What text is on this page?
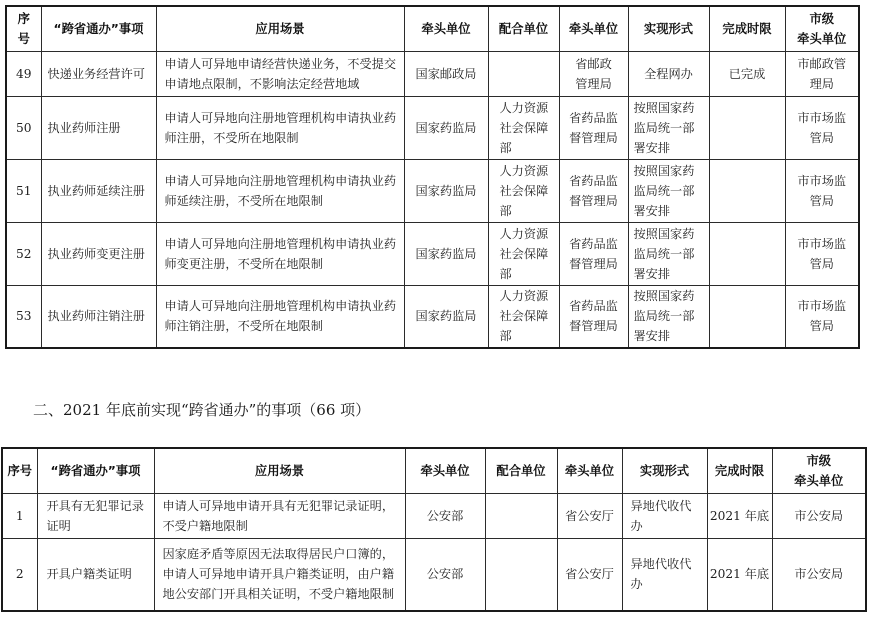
序
号	“跨省通办”事项	应用场景	牵头单位	配合单位	牵头单位	实现形式	完成时限	市级
牵头单位
49	快递业务经营许可	申请人可异地申请经营快递业务，不受提交
申请地点限制，不影响法定经营地域	国家邮政局		省邮政
管理局	全程网办	已完成	市邮政管
理局
50	执业药师注册	申请人可异地向注册地管理机构申请执业药
师注册，不受所在地限制	国家药监局	人力资源
社会保障
部	省药品监
督管理局	按照国家药
监局统一部
署安排		市市场监
管局
51	执业药师延续注册	申请人可异地向注册地管理机构申请执业药
师延续注册，不受所在地限制	国家药监局	人力资源
社会保障
部	省药品监
督管理局	按照国家药
监局统一部
署安排		市市场监
管局
52	执业药师变更注册	申请人可异地向注册地管理机构申请执业药
师变更注册，不受所在地限制	国家药监局	人力资源
社会保障
部	省药品监
督管理局	按照国家药
监局统一部
署安排		市市场监
管局
53	执业药师注销注册	申请人可异地向注册地管理机构申请执业药
师注销注册，不受所在地限制	国家药监局	人力资源
社会保障
部	省药品监
督管理局	按照国家药
监局统一部
署安排		市市场监
管局
二、2021 年底前实现“跨省通办”的事项（66 项）
序号	“跨省通办”事项	应用场景	牵头单位	配合单位	牵头单位	实现形式	完成时限	市级
牵头单位
1	开具有无犯罪记录
证明	申请人可异地申请开具有无犯罪记录证明，
不受户籍地限制	公安部		省公安厅	异地代收代
办	2021 年底	市公安局
2	开具户籍类证明	因家庭矛盾等原因无法取得居民户口簿的，
申请人可异地申请开具户籍类证明，由户籍
地公安部门开具相关证明，不受户籍地限制	公安部		省公安厅	异地代收代
办	2021 年底	市公安局
